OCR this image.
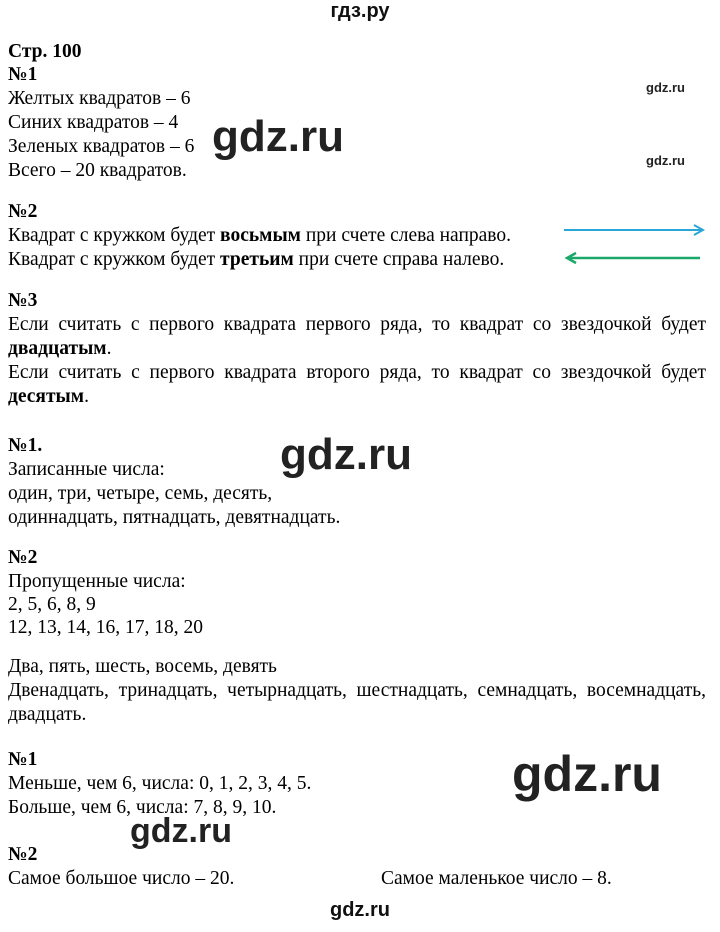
гдз.ру
Стр. 100
№1
Желтых квадратов – 6
Синих квадратов – 4
Зеленых квадратов – 6
Всего – 20 квадратов.
gdz.ru
gdz.ru
gdz.ru
№2
Квадрат с кружком будет восьмым при счете слева направо.
Квадрат с кружком будет третьим при счете справа налево.
№3
Если считать с первого квадрата первого ряда, то квадрат со звездочкой будет двадцатым.
Если считать с первого квадрата второго ряда, то квадрат со звездочкой будет десятым.
№1.
Записанные числа:
один, три, четыре, семь, десять,
одиннадцать, пятнадцать, девятнадцать.
gdz.ru
№2
Пропущенные числа:
2, 5, 6, 8, 9
12, 13, 14, 16, 17, 18, 20
Два, пять, шесть, восемь, девять
Двенадцать, тринадцать, четырнадцать, шестнадцать, семнадцать, восемнадцать, двадцать.
№1
Меньше, чем 6, числа: 0, 1, 2, 3, 4, 5.
Больше, чем 6, числа: 7, 8, 9, 10.
gdz.ru
gdz.ru
№2
Самое большое число – 20.	Самое маленькое число – 8.
gdz.ru
